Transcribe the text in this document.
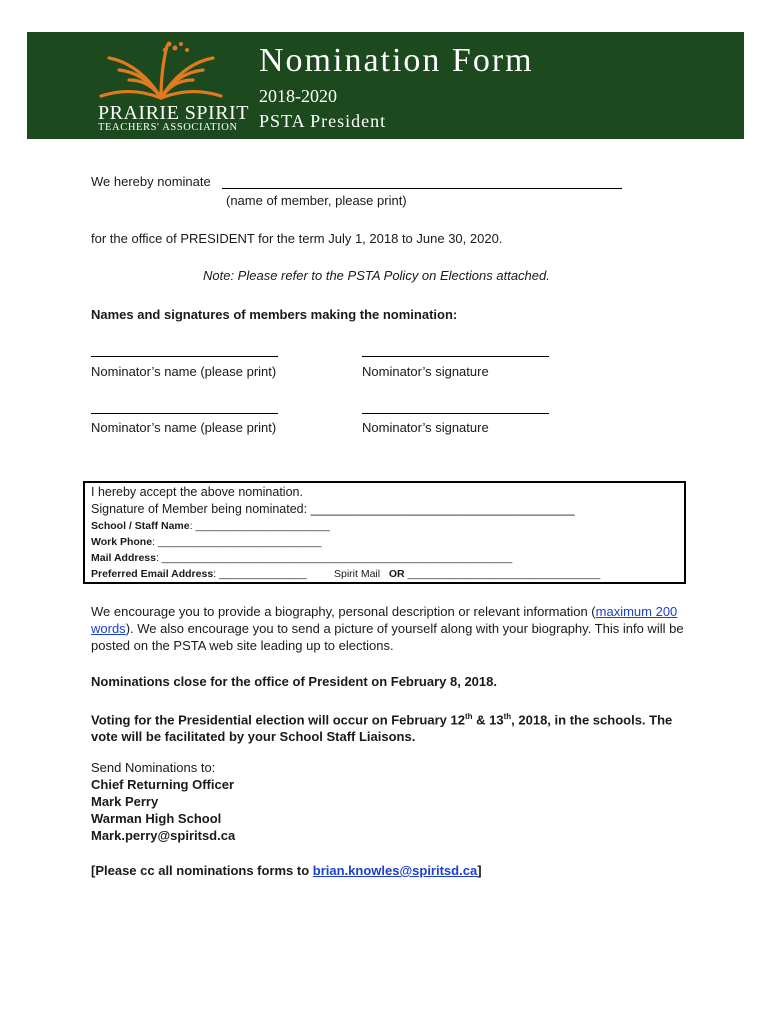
PRAIRIE SPIRIT
TEACHERS' ASSOCIATION
Nomination Form
2018-2020
PSTA President
We hereby nominate
(name of member, please print)
for the office of PRESIDENT for the term July 1, 2018 to June 30, 2020.
Note: Please refer to the PSTA Policy on Elections attached.
Names and signatures of members making the nomination:
Nominator’s name (please print)	Nominator’s signature
Nominator’s name (please print)	Nominator’s signature
I hereby accept the above nomination.
Signature of Member being nominated: ______________________________________
School / Staff Name: _______________________
Work Phone: ____________________________
Mail Address: ____________________________________________________________
Preferred Email Address: _______________	Spirit Mail OR _________________________________
We encourage you to provide a biography, personal description or relevant information (maximum 200 words). We also encourage you to send a picture of yourself along with your biography. This info will be posted on the PSTA web site leading up to elections.
Nominations close for the office of President on February 8, 2018.
Voting for the Presidential election will occur on February 12th & 13th, 2018, in the schools. The vote will be facilitated by your School Staff Liaisons.
Send Nominations to:
Chief Returning Officer
Mark Perry
Warman High School
Mark.perry@spiritsd.ca
[Please cc all nominations forms to brian.knowles@spiritsd.ca]
